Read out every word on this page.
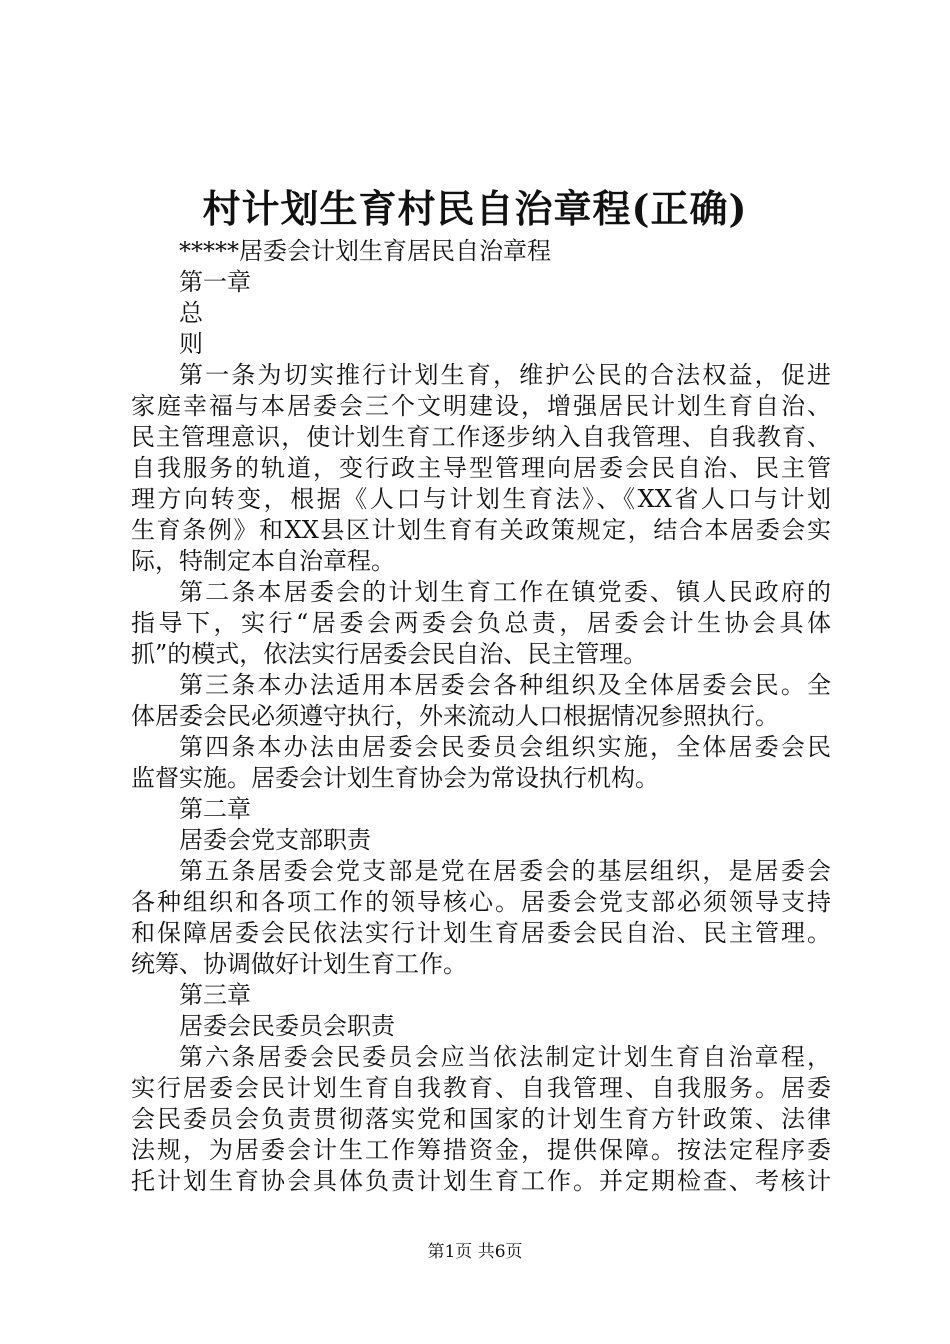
村计划生育村民自治章程(正确)
*****居委会计划生育居民自治章程
第一章
总
则
第一条为切实推行计划生育，维护公民的合法权益，促进
家庭幸福与本居委会三个文明建设，增强居民计划生育自治、
民主管理意识，使计划生育工作逐步纳入自我管理、自我教育、
自我服务的轨道，变行政主导型管理向居委会民自治、民主管
理方向转变，根据《人口与计划生育法》、《XX省人口与计划
生育条例》和XX县区计划生育有关政策规定，结合本居委会实
际，特制定本自治章程。
第二条本居委会的计划生育工作在镇党委、镇人民政府的
指导下，实行“居委会两委会负总责，居委会计生协会具体
抓”的模式，依法实行居委会民自治、民主管理。
第三条本办法适用本居委会各种组织及全体居委会民。全
体居委会民必须遵守执行，外来流动人口根据情况参照执行。
第四条本办法由居委会民委员会组织实施，全体居委会民
监督实施。居委会计划生育协会为常设执行机构。
第二章
居委会党支部职责
第五条居委会党支部是党在居委会的基层组织，是居委会
各种组织和各项工作的领导核心。居委会党支部必须领导支持
和保障居委会民依法实行计划生育居委会民自治、民主管理。
统筹、协调做好计划生育工作。
第三章
居委会民委员会职责
第六条居委会民委员会应当依法制定计划生育自治章程，
实行居委会民计划生育自我教育、自我管理、自我服务。居委
会民委员会负责贯彻落实党和国家的计划生育方针政策、法律
法规，为居委会计生工作筹措资金，提供保障。按法定程序委
托计划生育协会具体负责计划生育工作。并定期检查、考核计
第1页 共6页
